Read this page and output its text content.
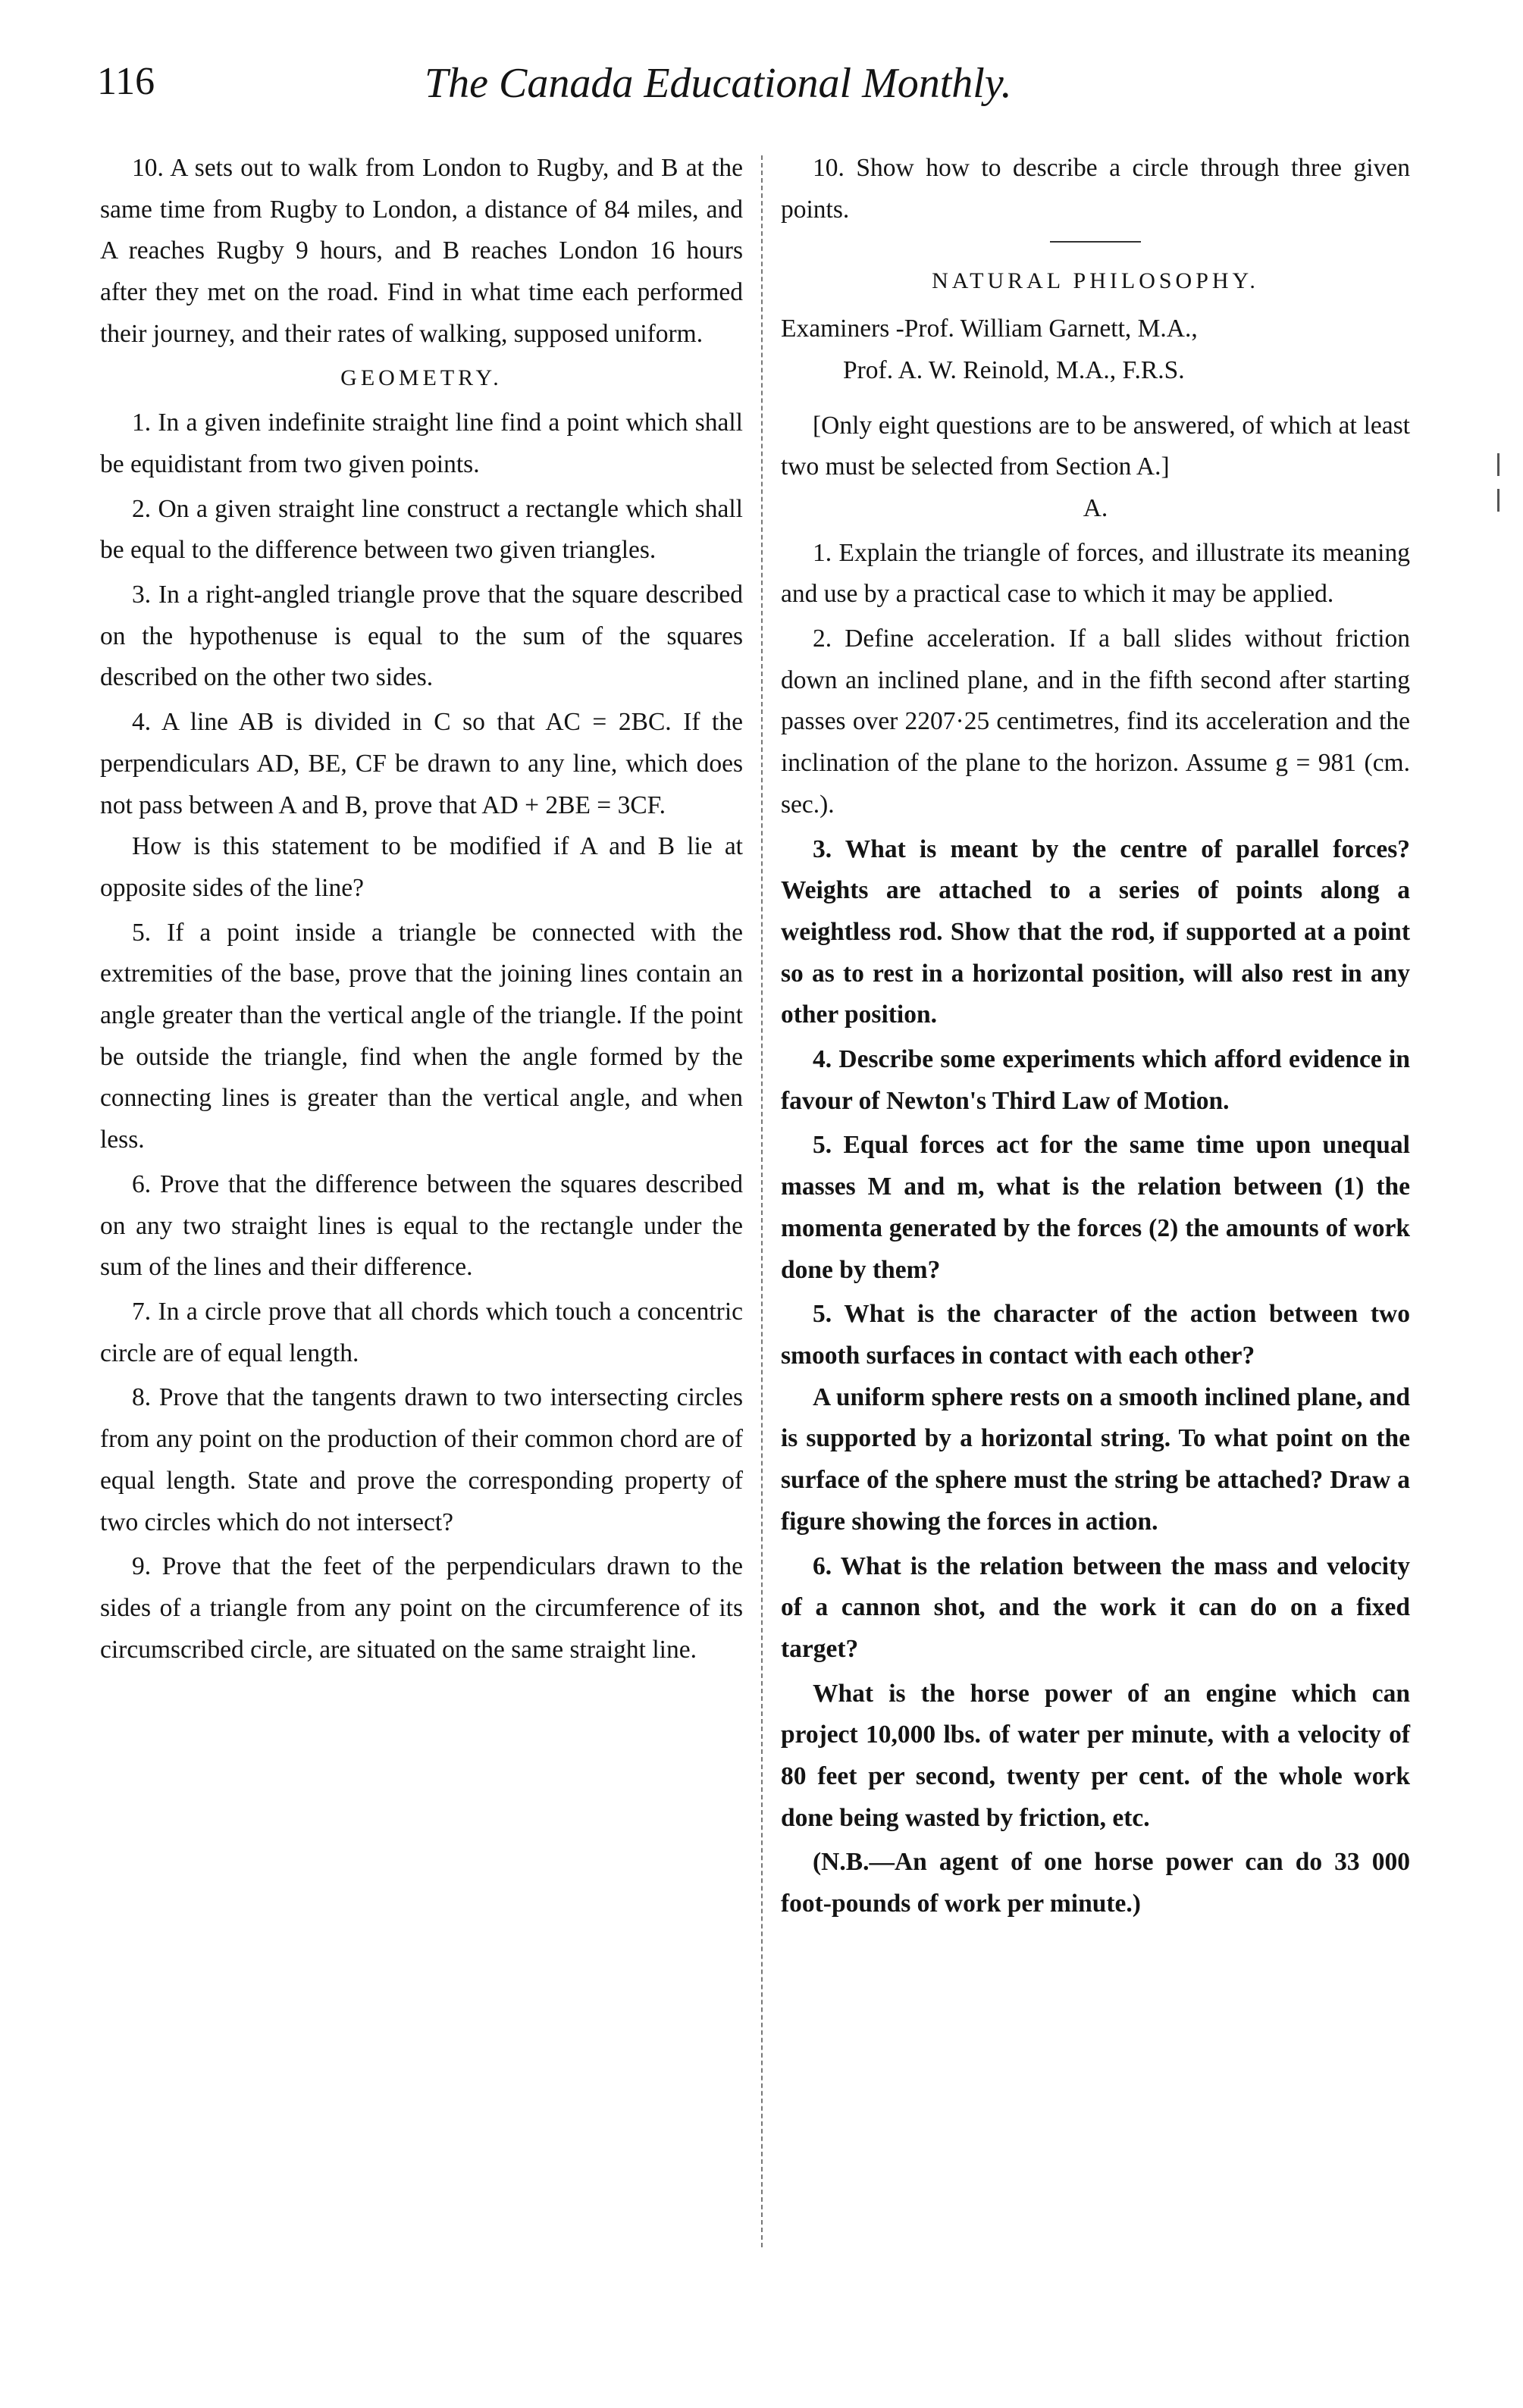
116	The Canada Educational Monthly.

10. A sets out to walk from London to Rugby, and B at the same time from Rugby to London, a distance of 84 miles, and A reaches Rugby 9 hours, and B reaches London 16 hours after they met on the road. Find in what time each performed their journey, and their rates of walking, supposed uniform.

GEOMETRY.

1. In a given indefinite straight line find a point which shall be equidistant from two given points.

2. On a given straight line construct a rectangle which shall be equal to the difference between two given triangles.

3. In a right-angled triangle prove that the square described on the hypothenuse is equal to the sum of the squares described on the other two sides.

4. A line AB is divided in C so that AC = 2BC. If the perpendiculars AD, BE, CF be drawn to any line, which does not pass between A and B, prove that AD + 2BE = 3CF.

How is this statement to be modified if A and B lie at opposite sides of the line?

5. If a point inside a triangle be connected with the extremities of the base, prove that the joining lines contain an angle greater than the vertical angle of the triangle. If the point be outside the triangle, find when the angle formed by the connecting lines is greater than the vertical angle, and when less.

6. Prove that the difference between the squares described on any two straight lines is equal to the rectangle under the sum of the lines and their difference.

7. In a circle prove that all chords which touch a concentric circle are of equal length.

8. Prove that the tangents drawn to two intersecting circles from any point on the production of their common chord are of equal length. State and prove the corresponding property of two circles which do not intersect?

9. Prove that the feet of the perpendiculars drawn to the sides of a triangle from any point on the circumference of its circumscribed circle, are situated on the same straight line.

10. Show how to describe a circle through three given points.

NATURAL PHILOSOPHY.

Examiners -Prof. William Garnett, M.A.,
Prof. A. W. Reinold, M.A., F.R.S.

[Only eight questions are to be answered, of which at least two must be selected from Section A.]

A.

1. Explain the triangle of forces, and illustrate its meaning and use by a practical case to which it may be applied.

2. Define acceleration. If a ball slides without friction down an inclined plane, and in the fifth second after starting passes over 2207·25 centimetres, find its acceleration and the inclination of the plane to the horizon. Assume g = 981 (cm. sec.).

3. What is meant by the centre of parallel forces? Weights are attached to a series of points along a weightless rod. Show that the rod, if supported at a point so as to rest in a horizontal position, will also rest in any other position.

4. Describe some experiments which afford evidence in favour of Newton's Third Law of Motion.

5. Equal forces act for the same time upon unequal masses M and m, what is the relation between (1) the momenta generated by the forces (2) the amounts of work done by them?

5. What is the character of the action between two smooth surfaces in contact with each other?

A uniform sphere rests on a smooth inclined plane, and is supported by a horizontal string. To what point on the surface of the sphere must the string be attached? Draw a figure showing the forces in action.

6. What is the relation between the mass and velocity of a cannon shot, and the work it can do on a fixed target?

What is the horse power of an engine which can project 10,000 lbs. of water per minute, with a velocity of 80 feet per second, twenty per cent. of the whole work done being wasted by friction, etc.

(N.B.—An agent of one horse power can do 33 000 foot-pounds of work per minute.)
